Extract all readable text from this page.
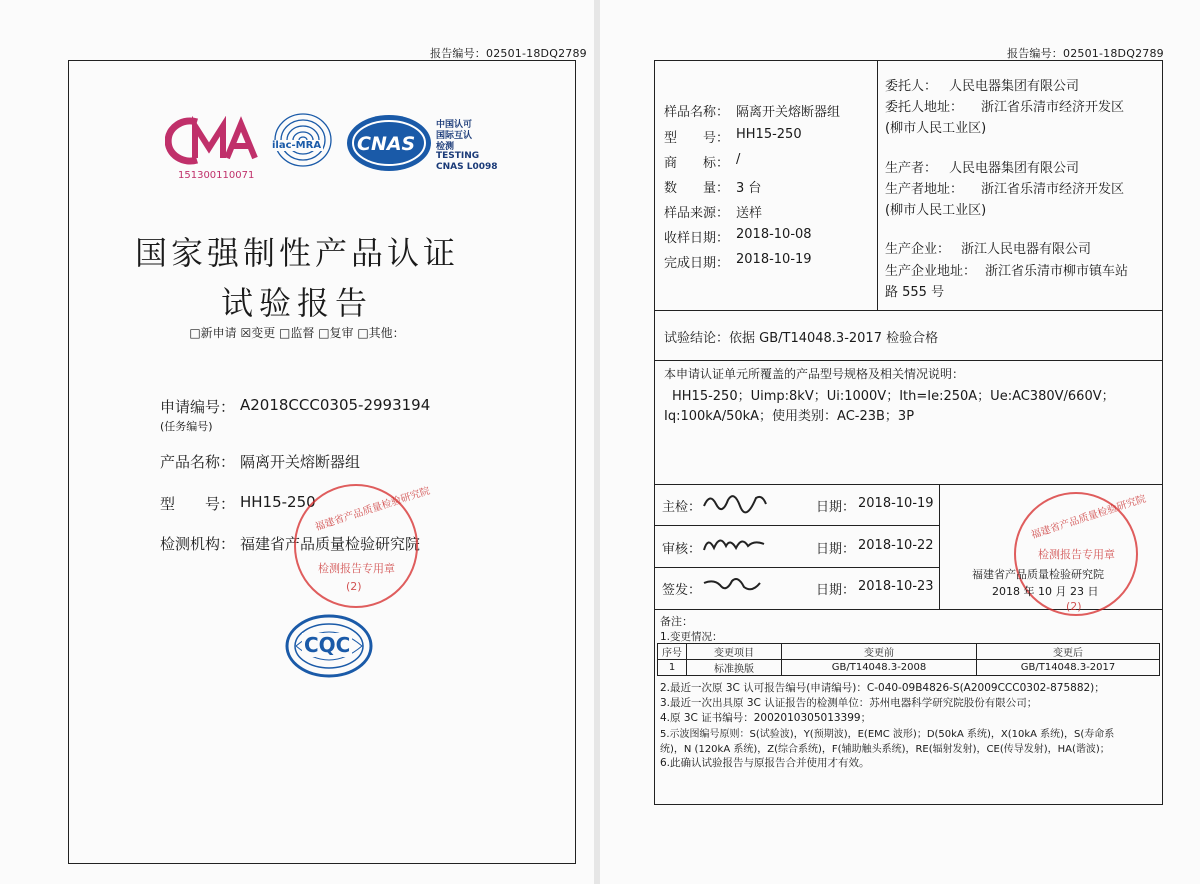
报告编号：02501-18DQ2789
151300110071
ilac-MRA CNAS
中国认可
国际互认
检测
TESTING
CNAS L0098
国家强制性产品认证
试验报告
□新申请 ☒变更 □监督 □复审 □其他：
申请编号： A2018CCC0305-2993194
(任务编号)
产品名称： 隔离开关熔断器组
型　　号： HH15-250
检测机构： 福建省产品质量检验研究院
福建省产品质量检验研究院
检测报告专用章
(2)
CQC
报告编号：02501-18DQ2789
样品名称： 隔离开关熔断器组
型　　号： HH15-250
商　　标： /
数　　量： 3 台
样品来源： 送样
收样日期： 2018-10-08
完成日期： 2018-10-19
委托人： 人民电器集团有限公司
委托人地址： 浙江省乐清市经济开发区
(柳市人民工业区)
生产者： 人民电器集团有限公司
生产者地址： 浙江省乐清市经济开发区
(柳市人民工业区)
生产企业： 浙江人民电器有限公司
生产企业地址： 浙江省乐清市柳市镇车站
路 555 号
试验结论：依据 GB/T14048.3-2017 检验合格
本申请认证单元所覆盖的产品型号规格及相关情况说明：
HH15-250；Uimp:8kV；Ui:1000V；Ith=Ie:250A；Ue:AC380V/660V；
Iq:100kA/50kA；使用类别：AC-23B；3P
主检：	日期： 2018-10-19
审核：	日期： 2018-10-22
签发：	日期： 2018-10-23
福建省产品质量检验研究院
检测报告专用章
(2)
福建省产品质量检验研究院
2018 年 10 月 23 日
备注：
1.变更情况：
序号	变更项目	变更前	变更后
1	标准换版	GB/T14048.3-2008	GB/T14048.3-2017
2.最近一次原 3C 认可报告编号(申请编号)：C-040-09B4826-S(A2009CCC0302-875882)；
3.最近一次出具原 3C 认证报告的检测单位：苏州电器科学研究院股份有限公司；
4.原 3C 证书编号：2002010305013399；
5.示波图编号原则：S(试验波)，Y(预期波)，E(EMC 波形)；D(50kA 系统)，X(10kA 系统)，S(寿命系
统)，N (120kA 系统)，Z(综合系统)，F(辅助触头系统)，RE(辐射发射)，CE(传导发射)，HA(谐波)；
6.此确认试验报告与原报告合并使用才有效。
